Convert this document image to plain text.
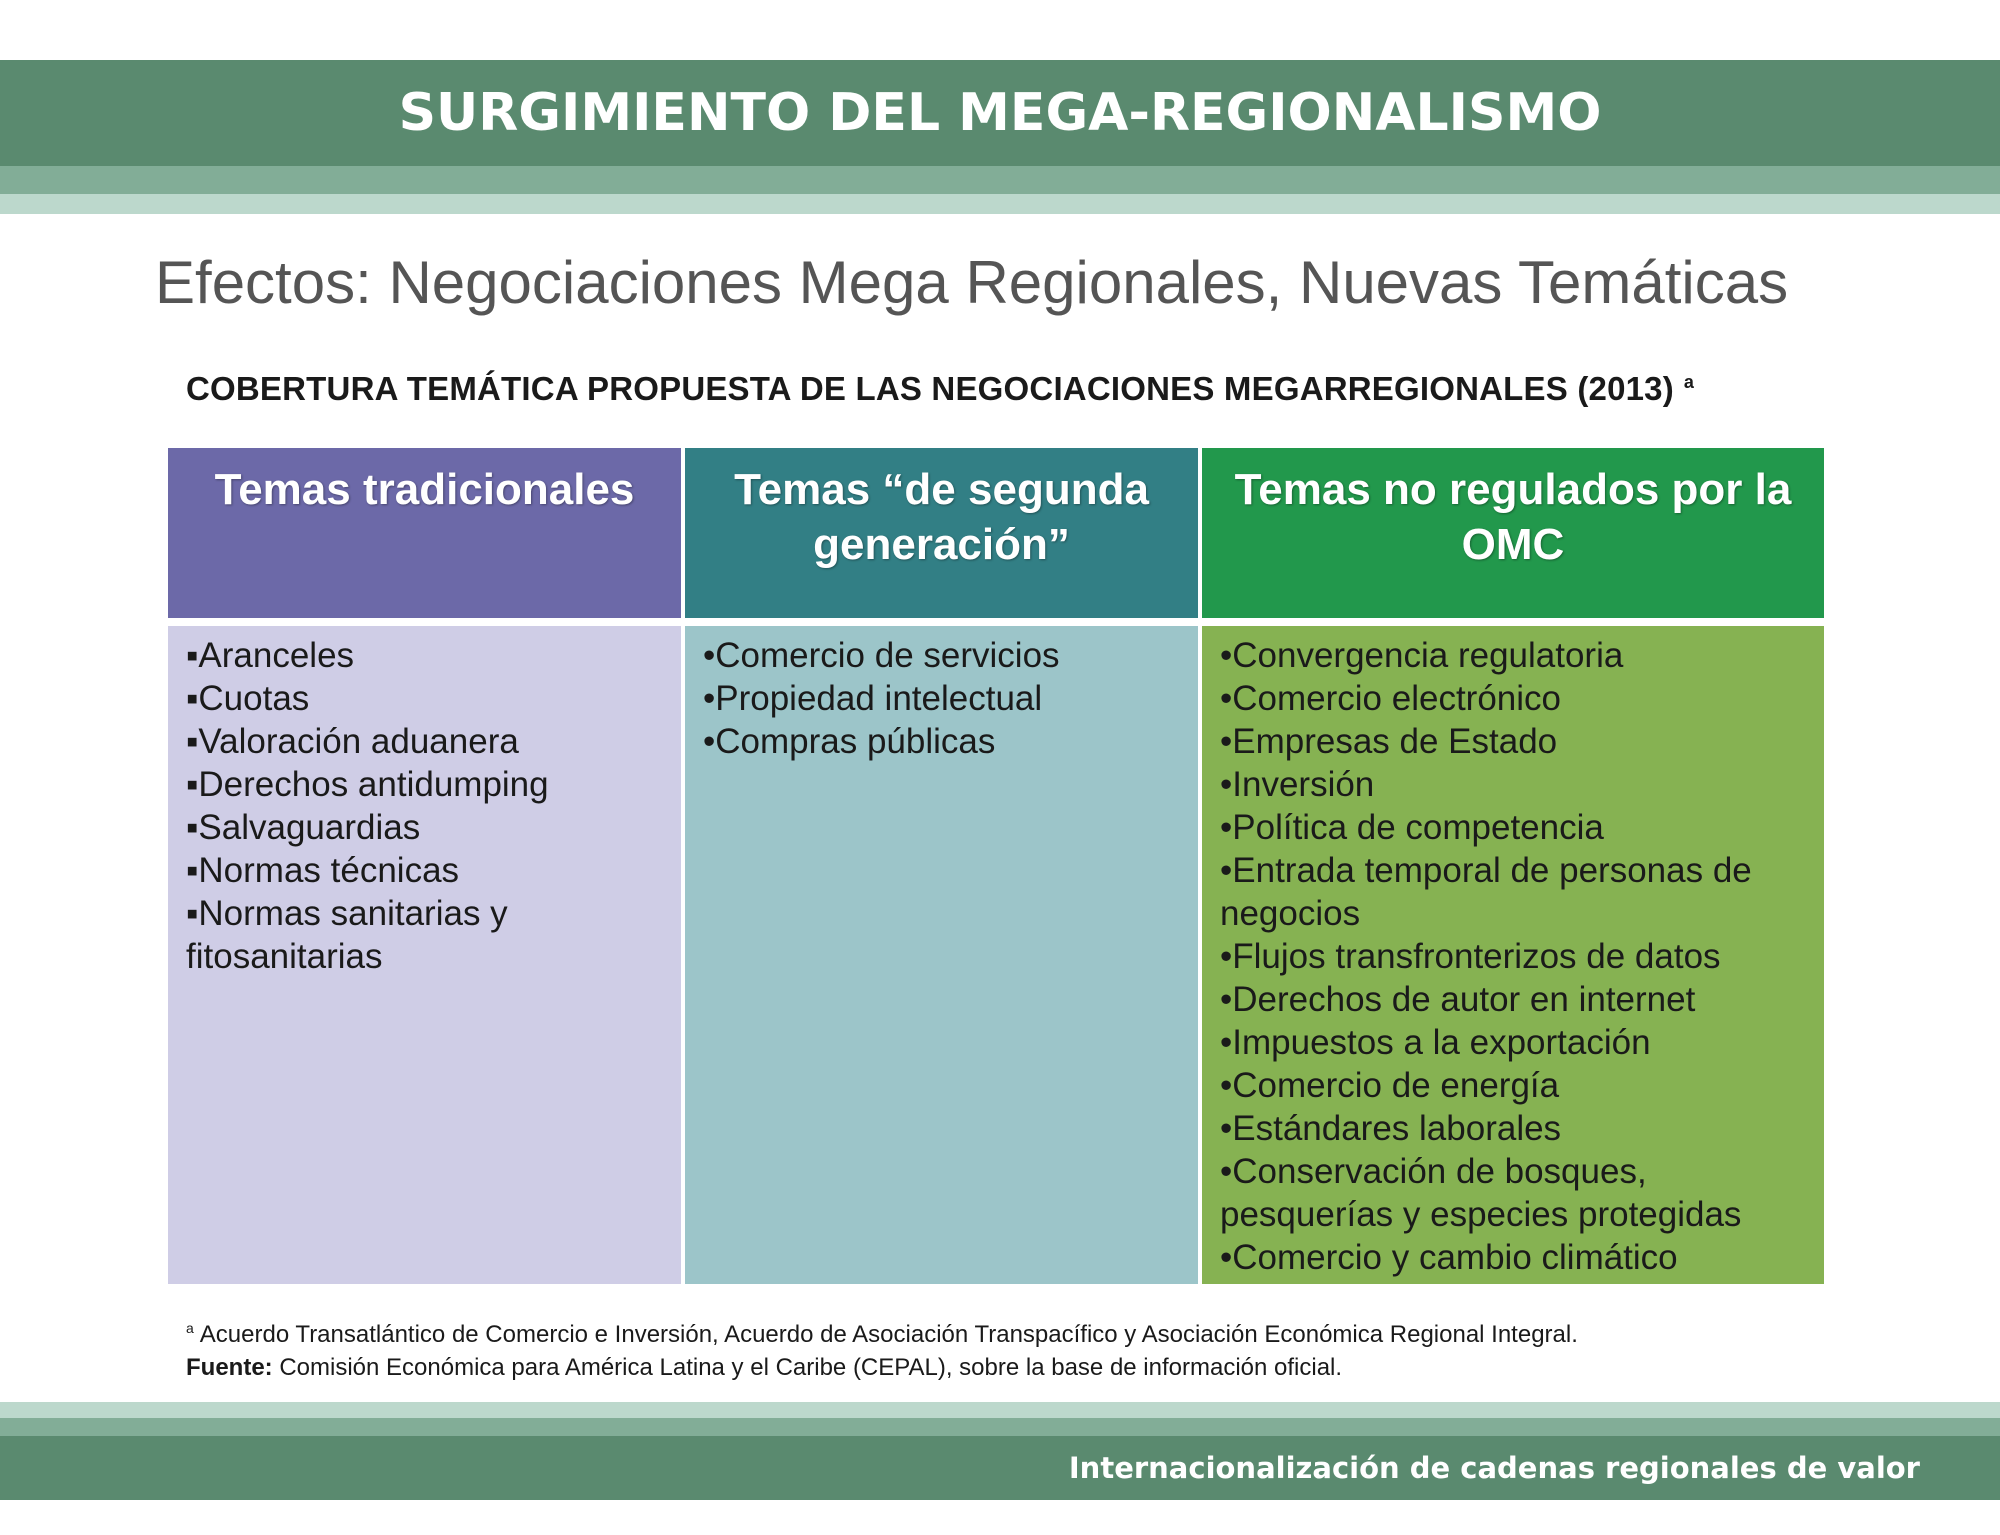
SURGIMIENTO DEL MEGA-REGIONALISMO
Efectos: Negociaciones Mega Regionales, Nuevas Temáticas
COBERTURA TEMÁTICA PROPUESTA DE LAS NEGOCIACIONES MEGARREGIONALES (2013) $^a$
Temas tradicionales	Temas “de segunda generación”
Temas no regulados por la OMC
▪Aranceles
▪Cuotas
▪Valoración aduanera
▪Derechos antidumping
▪Salvaguardias
▪Normas técnicas
▪Normas sanitarias y fitosanitarias
•Comercio de servicios
•Propiedad intelectual
•Compras públicas
•Convergencia regulatoria
•Comercio electrónico
•Empresas de Estado
•Inversión
•Política de competencia
•Entrada temporal de personas de negocios
•Flujos transfronterizos de datos
•Derechos de autor en internet
•Impuestos a la exportación
•Comercio de energía
•Estándares laborales
•Conservación de bosques, pesquerías y especies protegidas
•Comercio y cambio climático
$^a$ Acuerdo Transatlántico de Comercio e Inversión, Acuerdo de Asociación Transpacífico y Asociación Económica Regional Integral.
Fuente: Comisión Económica para América Latina y el Caribe (CEPAL), sobre la base de información oficial.
Internacionalización de cadenas regionales de valor
